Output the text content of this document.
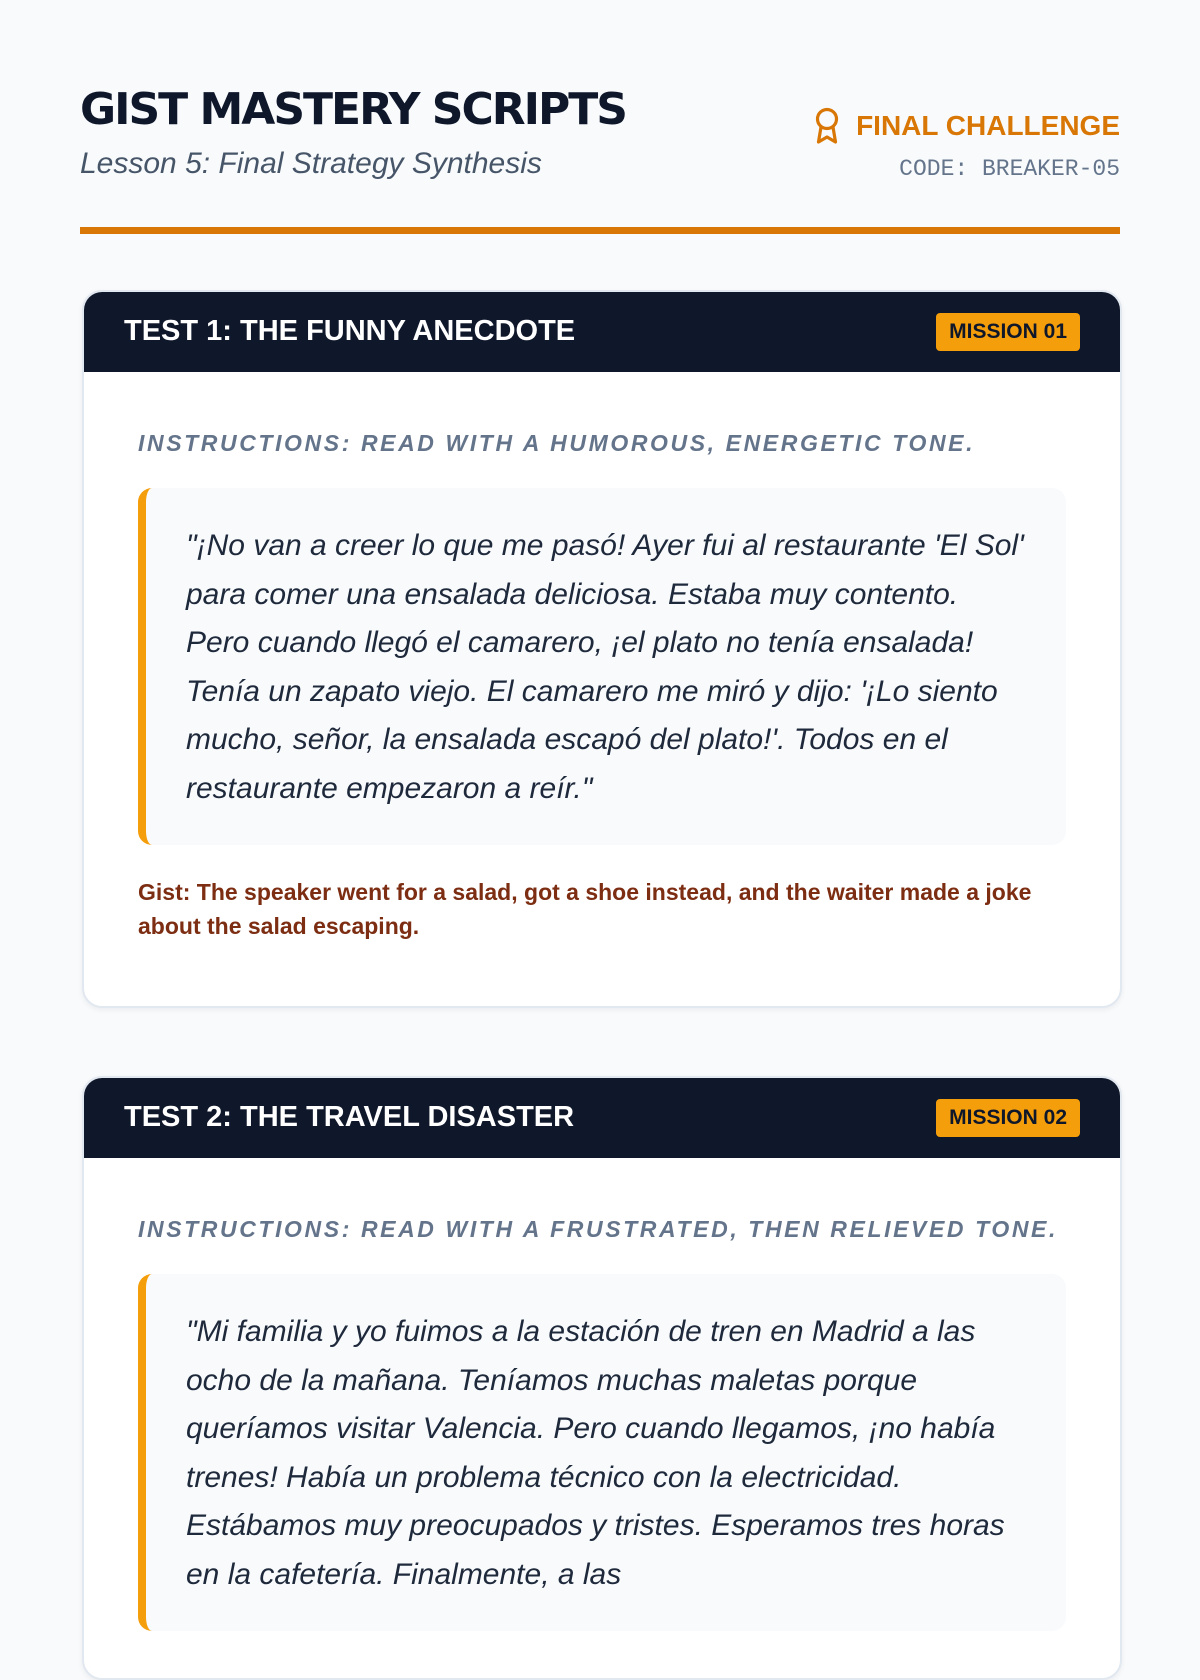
GIST MASTERY SCRIPTS
Lesson 5: Final Strategy Synthesis
FINAL CHALLENGE
CODE: BREAKER-05
TEST 1: THE FUNNY ANECDOTE	MISSION 01
INSTRUCTIONS: READ WITH A HUMOROUS, ENERGETIC TONE.

"¡No van a creer lo que me pasó! Ayer fui al restaurante 'El Sol' para comer una ensalada deliciosa. Estaba muy contento. Pero cuando llegó el camarero, ¡el plato no tenía ensalada! Tenía un zapato viejo. El camarero me miró y dijo: '¡Lo siento mucho, señor, la ensalada escapó del plato!'. Todos en el restaurante empezaron a reír."

Gist: The speaker went for a salad, got a shoe instead, and the waiter made a joke about the salad escaping.
TEST 2: THE TRAVEL DISASTER	MISSION 02
INSTRUCTIONS: READ WITH A FRUSTRATED, THEN RELIEVED TONE.

"Mi familia y yo fuimos a la estación de tren en Madrid a las ocho de la mañana. Teníamos muchas maletas porque queríamos visitar Valencia. Pero cuando llegamos, ¡no había trenes! Había un problema técnico con la electricidad. Estábamos muy preocupados y tristes. Esperamos tres horas en la cafetería. Finalmente, a las
